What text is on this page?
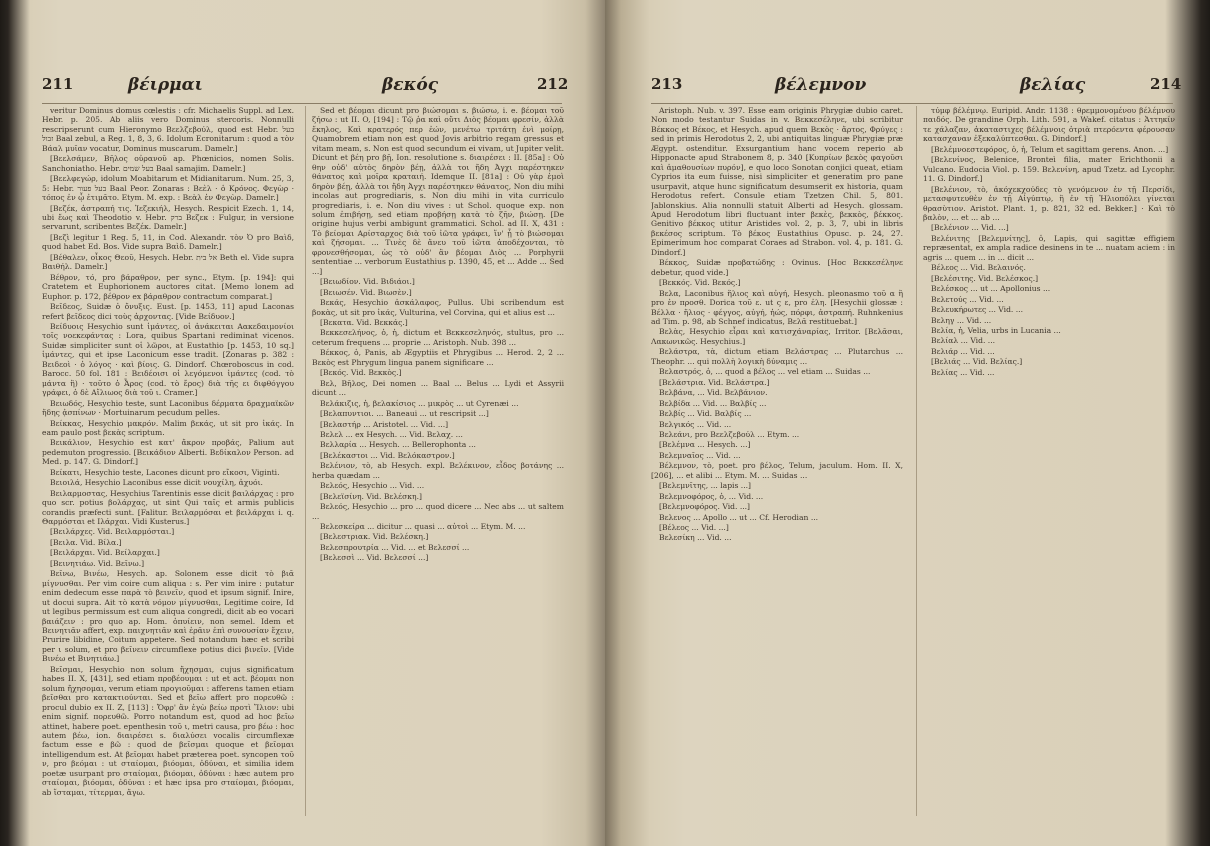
211	βέιρμαι	βεκός	212

veritur Dominus domus cœlestis : cfr. Michaelis Suppl. ad Lex. Hebr. p. 205. Ab aliis vero Dominus stercoris. Nonnulli rescripserunt cum Hieronymo Βεελζεβούλ, quod est Hebr. בעל זבול Baal zebul, a Reg. 1, 8, 3, 6. Idolum Ecronitarum : quod a τὸν Βάαλ μυῖαν vocatur, Dominus muscarum. Damelr.]

[Βεελσάμεν, Βῆλος οὐρανοῦ ap. Phœnicios, nomen Solis. Sanchoniatho. Hebr. בעל שמים Baal samajim. Damelr.]

[Βεελφεγώρ, idolum Moabitarum et Midianitarum. Num. 25, 3, 5: Hebr. בעל פעור Baal Peor. Zonaras : Βεὲλ · ὁ Κρόνος. Φεγὼρ · τόπος ἐν ᾧ ἐτιμᾶτο. Etym. M. exp. : Βεὰλ ἐν Φεγὼρ. Damelr.]

[Βεζέκ, ἀστραπή τις. Ἰεζεκιήλ, Hesych. Respicit Ezech. 1, 14, ubi ἔως καὶ Theodotio v. Hebr. ברק Βεζεκ : Fulgur, in versione servarunt, scribentes Βεζέκ. Damelr.]

[Βεζὶ legitur 1 Reg. 5, 11, in Cod. Alexandr. τὸν Ὀ pro Βαὶδ, quod habet Ed. Bos. Vide supra Βαὶδ. Damelr.]

[Βέθαλεν, οἶκος Θεοῦ, Hesych. Hebr. אל בית Beth el. Vide supra Βαιθήλ. Damelr.]

Βέθρον, τό, pro βάραθρον, per sync., Etym. [p. 194]: qui Cratetem et Euphorionem auctores citat. [Memo lonem ad Euphor. p. 172, βέθρον ex βάραθρον contractum comparat.]

Βεῖδεος, Suidæ ὁ ὄνυξις. Eust. [p. 1453, 11] apud Laconas refert βεῖδεος dici τοὺς ἀρχοντας. [Vide Βείδυον.]

Βείδυοις Hesychio sunt ἱμάντες, οἱ ἀνάκειται Αακεδαιμονίοι τοῖς νοεκεφάντας : Lora, quibus Spartani rediminat vicenos. Suidæ simpliciter sunt οἱ λῶροι, at Eustathio [p. 1453, 10 sq.] ἱμάντες, qui et ipse Laconicum esse tradit. [Zonaras p. 382 : Βειδεοὶ · ὁ λόγος · καὶ βίοις. G. Dindorf. Chœroboscus in cod. Barocc. 50 fol. 181 : Βειδέοισι οἱ λεγόμενοι ἱμάντες (cod. τὸ μάντα ἣ) · τοῦτο ὁ Ἆρος (cod. τὸ ἔρος) διὰ τῆς ει διφθόγγου γράφει, ὁ δὲ Αἴλιωος διὰ τοῦ ι. Cramer.]

Βειωδός, Hesychio teste, sunt Laconibus δέρματα δραχμαϊκῶν ἤδης ᾀσπίνων · Mortuinarum pecudum pelles.

Βείκκας, Hesychio μακρόν. Malim βεκάς, ut sit pro ἰκάς. In eam paulo post βεκὰς scriptum.

Βεικάλιον, Hesychio est κατ' ἄκρον προβάς, Palium aut pedemuton progressio. [Βεικάδιον Alberti. Βεδίκαλον Person. ad Med. p. 147. G. Dindorf.]

Βείκατι, Hesychio teste, Lacones dicunt pro εἴκοσι, Viginti.

Βειοιλά, Hesychio Laconibus esse dicit νουχίλη, ἀχυόι.

Βειλαρμοστας, Hesychius Tarentinis esse dicit βαιλάρχας : pro quo scr. potius βολάρχας, ut sint Qui ταῖς et armis publicis corandis præfecti sunt. [Falitur. Βειλαρμόσαι et βειλάρχαι i. q. Θαρμόσται et Ιλάρχαι. Vidi Kusterus.]

[Βειλάρχες. Vid. Βειλαρμόσται.]

[Βειλα. Vid. Βίλα.]

[Βειλάρχαι. Vid. Βείλαρχαι.]

[Βεινητιάω. Vid. Βεῖνω.]

Βεῖνω, Βινέω, Hesych. ap. Solonem esse dicit τὸ βιᾶ μίγνυσθαι. Per vim coire cum aliqua : s. Per vim inire : putatur enim dedecum esse παρὰ τὸ βεινεῖν, quod et ipsum signif. Inire, ut docui supra. Ait τὸ κατὰ νόμον μίγνυσθαι, Legitime coire, Id ut legibus permissum est cum aliqua congredi, dicit ab eo vocari βαιάζειν : pro quo ap. Hom. ὀπυίειν, non semel. Idem et Βεινητιᾶν affert, exp. παιχνητιᾶν καὶ ἐρᾶιν ἐπὶ συνουσίαν ἔχειν, Prurire libidine, Coitum appetere. Sed notandum hæc et scribi per ι solum, et pro βεῖνειν circumflexe potius dici βινεῖν. [Vide Βινέω et Βινητιάω.]

Βεῖσμαι, Hesychio non solum ἤχησμαι, cujus significatum habes II. X, [431], sed etiam προβέουμαι : ut et act. βέομαι non solum ἤχησομαι, verum etiam προγιοῦμαι : afferens tamen etiam βεῖσθαι pro κατακτιούνται. Sed et βεῖω affert pro πορευθῶ : procul dubio ex II. Z, [113] : Ὄφρ' ἂν ἐγὼ βείω προτὶ Ἴλιον: ubi enim signif. πορευθῶ. Porro notandum est, quod ad hoc βεῖω attinet, habere poet. epenthesin τοῦ ι, metri causa, pro βέω : hoc autem βέω, ion. διαιρέσει s. διαλύσει vocalis circumflexæ factum esse e βῶ : quod de βεῖσμαι quoque et βεῖομαι intelligendum est. At βεῖομαι habet præterea poet. syncopen τοῦ ν, pro βεόμαι : ut σταίομαι, βιόομαι, ὀδύναι, et similia idem poetæ usurpant pro σταίομαι, βιόομαι, ὀδύναι : hæc autem pro σταίομαι, βιόομαι, ὀδύναι : et hæc ipsa pro σταίομαι, βιόομαι, ab ἵσταμαι, τίτερμαι, ἄγω.

Sed et βέομαι dicunt pro βιώσομαι s. βιώσω, i. e. βέομαι τοῦ ζήσω : ut II. O, [194] : Τῷ ῥα καὶ οὔτι Διὸς βέομαι φρεσίν, ἀλλὰ ἕκηλος, Καὶ κρατερός περ ἐών, μενέτω τριτάτῃ ἐνὶ μοίρῃ, Quamobrem etiam non est quod Jovis arbitrio regam gressus et vitam meam, s. Non est quod secundum ei vivam, ut Jupiter velit. Dicunt et βέη pro βῇ, Ion. resolutione s. διαιρέσει : II. [85a] : Οὐ θην οὐδ' αὐτὸς δηρὸν βέῃ, ἀλλὰ τοι ἤδη Ἀγχι παρέστηκεν θάνατος καὶ μοῖρα κραταιή. Idemque II. [81a] : Οὐ γὰρ ἐμοὶ δηρὸν βέῃ, ἀλλὰ τοι ἤδη Ἀγχι παρέστηκεν θάνατος, Non diu mihi incolas aut progrediaris, s. Non diu mihi in vita curriculo progrediaris, i. e. Non diu vives : ut Schol. quoque exp. non solum ἐπιβήσῃ, sed etiam προβήσῃ κατὰ τὸ ζῆν, βιώσῃ. [De origine hujus verbi ambigunt grammatici. Schol. ad II. X, 431 : Τὸ βείομαι Αρίσταρχος διὰ τοῦ ἰῶτα γράφει, ἵν' ᾖ τὸ βιώσομαι καὶ ζήσομαι. ... Τινὲς δὲ ἄνευ τοῦ ἰῶτα ἀποδέχονται, τὸ φρονεσθήσομαι, ὡς τὸ οὐδ' ἂν βέομαι Διὸς ... Porphyrii sententiae ... verborum Eustathius p. 1390, 45, et ... Adde ... Sed ...]

[Βειωδίον. Vid. Βιδιάοι.]

[Βειωσέν. Vid. Βιωσὲν.]

Βεκάς, Hesychio ἀσκάλαφος, Pullus. Ubi scribendum est βοκὰς, ut sit pro ἰκάς, Vulturina, vel Corvina, qui et alius est ...

[Βεκατα. Vid. Βεκκάς.]

Βεκκεσελήνος, ὁ, ἡ, dictum et Βεκκεσεληνός, stultus, pro ... ceterum frequens ... proprie ... Aristoph. Nub. 398 ...

Βέκκος, ὁ, Panis, ab Ægyptiis et Phrygibus ... Herod. 2, 2 ... Βεκὸς est Phrygum lingua panem significare ...

[Βεκός. Vid. Βεκκὸς.]

Βελ, Βῆλος, Dei nomen ... Baal ... Belus ... Lydi et Assyrii dicunt ...

Βελάκιζις, ἡ, βελακίσιος ... μικρὸς ... ut Cyrenæi ...

[Βελαπυντιοι. ... Baneaui ... ut rescripsit ...]

[Βελαστήρ ... Aristotel. ... Vid. ...]

Βελελ ... ex Hesych. ... Vid. Βελαχ. ...

Βελλαρία ... Hesych. ... Bellerophonta ...

[Βελέκαστοι ... Vid. Βελόκαστρον.]

Βελένιον, τὸ, ab Hesych. expl. Βελέκινον, εἶδος βοτάνης ... herba quædam ...

Βελεός, Hesychio ... Vid. ...

[Βελεϊσίνη. Vid. Βελέσκη.]

Βελεός, Hesychio ... pro ... quod dicere ... Nec abs ... ut saltem ...

Βελεσκείρα ... dicitur ... quasi ... αὐτοὶ ... Etym. M. ...

[Βελεστριακ. Vid. Βελέσκη.]

Βελεσπρουτρία ... Vid. ... et Βελεσσί ...

[Βελεσσὶ ... Vid. Βελεσσί ...]

213	βέλεμνον	βελίας	214

Aristoph. Nub. v. 397. Esse eam originis Phrygiæ dubio caret. Non modo testantur Suidas in v. Βεκκεσέληνε, ubi scribitur Βέκκος et Βέκος, et Hesych. apud quem Βεκὸς · ἄρτος, Φρύγες : sed in primis Herodotus 2, 2, ubi antiquitas linguæ Phrygiæ præ Ægypt. ostenditur. Exsurgantium hanc vocem reperio ab Hipponacte apud Strabonem 8, p. 340 [Κυπρίων βεκὸς φαγοῦσι καὶ ἀμαθουσίων πυρόν], e quo loco Sonotan conjici queat, etiam Cyprios ita eum fuisse, nisi simpliciter et generatim pro pane usurpavit, atque hunc significatum desumserit ex historia, quam Herodotus refert. Consule etiam Tzetzen Chil. 5, 801. Jablonskius. Alia nonnulli statuit Alberti ad Hesych. glossam. Apud Herodotum libri fluctuant inter βεκὲς, βεκκὸς, βέκκος. Genitivo βέκκος utitur Aristides vol. 2, p. 3, 7, ubi in libris βεκέσος scriptum. Τὸ βέκος Eustathius Opusc. p. 24, 27. Epimerimum hoc comparat Coraes ad Strabon. vol. 4, p. 181. G. Dindorf.]

Βέκκος, Suidæ προβατώδης : Ovinus. [Hoc Βεκκεσέληνε debetur, quod vide.]

[Βεκκός. Vid. Βεκός.]

Βελα, Laconibus ἥλιος καὶ αὐγή, Hesych. pleonasmo τοῦ α ἢ pro ἐν προσθ. Dorica τοῦ ε. ut ς ε, pro ἐλη. [Hesychii glossæ : Βέλλα · ἥλιος · φέγγος, αὐγή, ἠώς, πόρφι, ἀστραπή. Ruhnkenius ad Tim. p. 98, ab Schnef indicatus, Βελᾶ restituebat.]

Βελὰς, Hesychio εἶραι καὶ κατισχάναρίας, Irritor. [Βελᾶσαι, Λακωνικῶς. Hesychius.]

Βελάστρα, τὰ, dictum etiam Βελάστρας ... Plutarchus ... Theophr. ... qui πολλὴ λογικὴ δύναμις ...

Βελαστρός, ὁ, ... quod a βέλος ... vel etiam ... Suidas ...

[Βελάστρια. Vid. Βελάστρα.]

Βελβάνα, ... Vid. Βελβάνιον.

Βελβίδα ... Vid. ... Βαλβίς ...

Βελβίς ... Vid. Βαλβίς ...

Βελγικός ... Vid. ...

Βελεάνι, pro Βεελζεβούλ ... Etym. ...

[Βελέμνα ... Hesych. ...]

Βελεμναῖος ... Vid. ...

Βέλεμνον, τὸ, poet. pro βέλος, Telum, jaculum. Hom. II. X, [206], ... et alibi ... Etym. M. ... Suidas ...

[Βελεμνῖτης, ... lapis ...]

Βελεμνοφόρος, ὁ, ... Vid. ...

[Βελεμνοφόρος. Vid. ...]

Βελενος ... Apollo ... ut ... Cf. Herodian ...

[Βέλεος ... Vid. ...]

Βελεσίκη ... Vid. ...

τύμφ βέλέμνῳ. Euripid. Andr. 1138 : θρεμμονομένου βέλέμνου παιδός. De grandine Orph. Lith. 591, a Wakef. citatus : Ἀττηκίν τε χάλαζαν, ἀκαταστιχες βέλέμνοις ὀτριὰ πτερόεντα φέρουσαν κατασχαναν ἐξεκαλύπτεσθαι. G. Dindorf.]

[Βελέμνοεστεφόρος, ὁ, ἡ, Telum et sagittam gerens. Anon. ...]

[Βελενίνος, Belenice, Bronteì filia, mater Erichthonii a Vulcano. Eudocia Viol. p. 159. Βελενίνη, apud Tzetz. ad Lycophr. 11. G. Dindorf.]

[Βελένιον, τὸ, ἀκόχεκχούδες τὸ γενόμενον ἐν τῇ Περσίδι, μετασφυτευθὲν ἐν τῇ Αἰγύπτῳ, ἢ ἐν τῇ Ἡλιοπόλει γίνεται θρασὺτιον. Aristot. Plant. 1, p. 821, 32 ed. Bekker.] · Καὶ τὸ βαλὸν, ... et ... ab ...

[Βελένιον ... Vid. ...]

Βελένιτης [Βελεμνίτης], ὁ, Lapis, qui sagittæ effigiem repræsentat, ex ampla radice desinens in te ... nuatam aciem : in agris ... quem ... in ... dicit ...

Βέλεος ... Vid. Βελαινός.

[Βελέσιτης. Vid. Βελέσκος.]

Βελέσκος ... ut ... Apollonius ...

Βελετούς ... Vid. ...

Βελευκήρωτες ... Vid. ...

Βεληγ ... Vid. ...

Βελία, ἡ, Velia, urbs in Lucania ...

Βελίαλ ... Vid. ...

Βελιάρ ... Vid. ...

[Βελιάς ... Vid. Βελίας.]

Βελίας ... Vid. ...
